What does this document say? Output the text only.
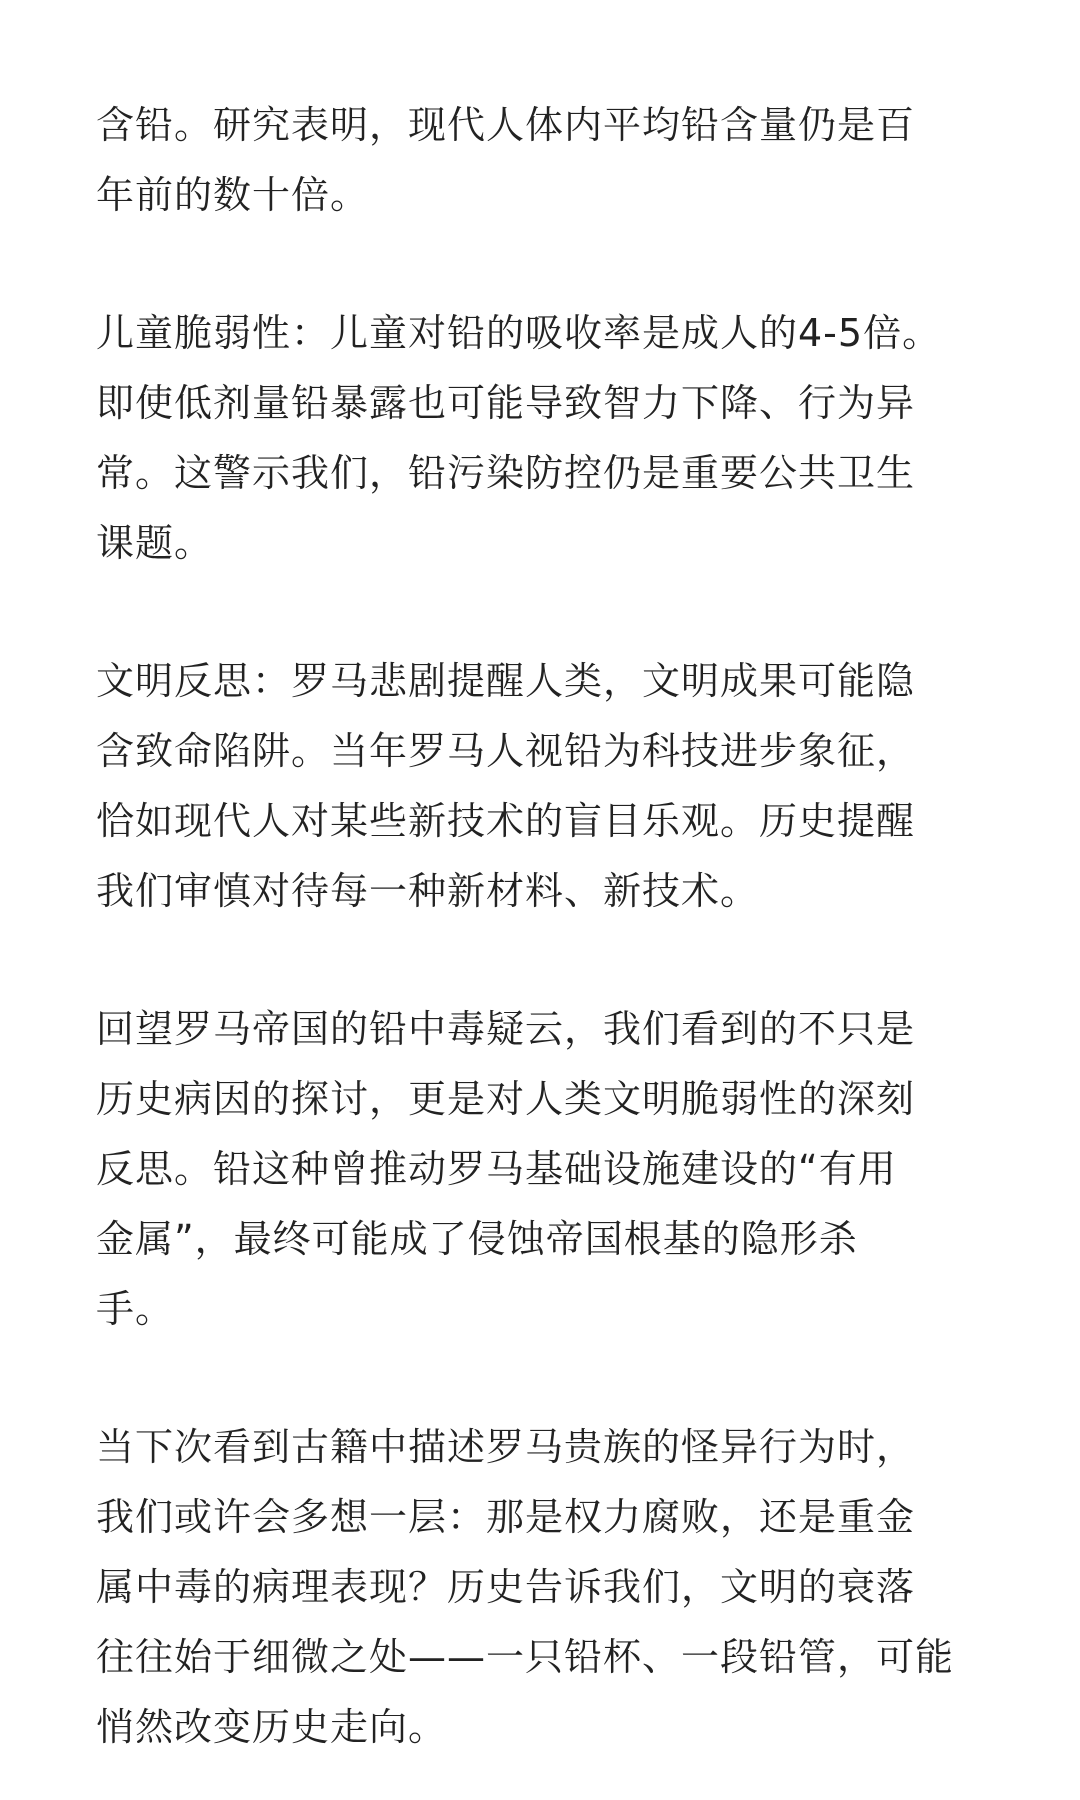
含铅。研究表明，现代人体内平均铅含量仍是百

年前的数十倍。

儿童脆弱性：儿童对铅的吸收率是成人的4-5倍。

即使低剂量铅暴露也可能导致智力下降、行为异

常。这警示我们，铅污染防控仍是重要公共卫生

课题。

文明反思：罗马悲剧提醒人类，文明成果可能隐

含致命陷阱。当年罗马人视铅为科技进步象征，

恰如现代人对某些新技术的盲目乐观。历史提醒

我们审慎对待每一种新材料、新技术。

回望罗马帝国的铅中毒疑云，我们看到的不只是

历史病因的探讨，更是对人类文明脆弱性的深刻

反思。铅这种曾推动罗马基础设施建设的“有用

金属”，最终可能成了侵蚀帝国根基的隐形杀

手。

当下次看到古籍中描述罗马贵族的怪异行为时，

我们或许会多想一层：那是权力腐败，还是重金

属中毒的病理表现？历史告诉我们，文明的衰落

往往始于细微之处——一只铅杯、一段铅管，可能

悄然改变历史走向。
